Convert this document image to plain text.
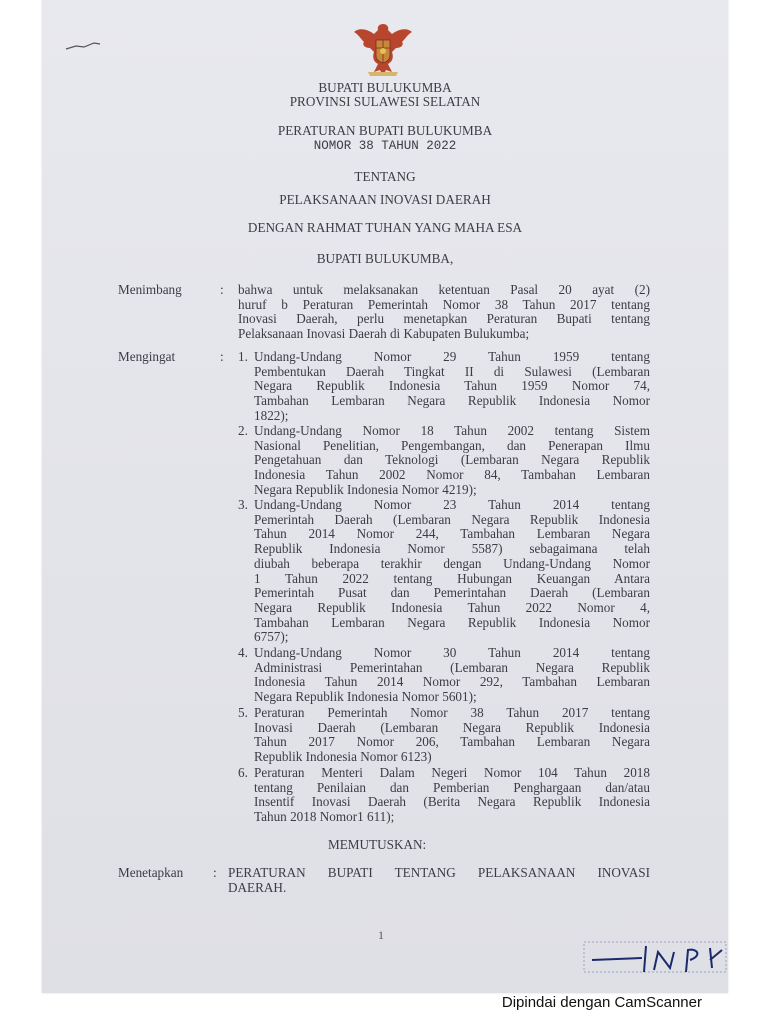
BUPATI BULUKUMBA
PROVINSI SULAWESI SELATAN
PERATURAN BUPATI BULUKUMBA
NOMOR 38 TAHUN 2022
TENTANG
PELAKSANAAN INOVASI DAERAH
DENGAN RAHMAT TUHAN YANG MAHA ESA
BUPATI BULUKUMBA,
Menimbang	: bahwa untuk melaksanakan ketentuan Pasal 20 ayat (2)
huruf b Peraturan Pemerintah Nomor 38 Tahun 2017 tentang
Inovasi Daerah, perlu menetapkan Peraturan Bupati tentang
Pelaksanaan Inovasi Daerah di Kabupaten Bulukumba;
Mengingat	: 1. Undang-Undang Nomor 29 Tahun 1959 tentang
Pembentukan Daerah Tingkat II di Sulawesi (Lembaran
Negara Republik Indonesia Tahun 1959 Nomor 74,
Tambahan Lembaran Negara Republik Indonesia Nomor
1822);
2. Undang-Undang Nomor 18 Tahun 2002 tentang Sistem
Nasional Penelitian, Pengembangan, dan Penerapan Ilmu
Pengetahuan dan Teknologi (Lembaran Negara Republik
Indonesia Tahun 2002 Nomor 84, Tambahan Lembaran
Negara Republik Indonesia Nomor 4219);
3. Undang-Undang Nomor 23 Tahun 2014 tentang
Pemerintah Daerah (Lembaran Negara Republik Indonesia
Tahun 2014 Nomor 244, Tambahan Lembaran Negara
Republik Indonesia Nomor 5587) sebagaimana telah
diubah beberapa terakhir dengan Undang-Undang Nomor
1 Tahun 2022 tentang Hubungan Keuangan Antara
Pemerintah Pusat dan Pemerintahan Daerah (Lembaran
Negara Republik Indonesia Tahun 2022 Nomor 4,
Tambahan Lembaran Negara Republik Indonesia Nomor
6757);
4. Undang-Undang Nomor 30 Tahun 2014 tentang
Administrasi Pemerintahan (Lembaran Negara Republik
Indonesia Tahun 2014 Nomor 292, Tambahan Lembaran
Negara Republik Indonesia Nomor 5601);
5. Peraturan Pemerintah Nomor 38 Tahun 2017 tentang
Inovasi Daerah (Lembaran Negara Republik Indonesia
Tahun 2017 Nomor 206, Tambahan Lembaran Negara
Republik Indonesia Nomor 6123)
6. Peraturan Menteri Dalam Negeri Nomor 104 Tahun 2018
tentang Penilaian dan Pemberian Penghargaan dan/atau
Insentif Inovasi Daerah (Berita Negara Republik Indonesia
Tahun 2018 Nomor1 611);
MEMUTUSKAN:
Menetapkan : PERATURAN BUPATI TENTANG PELAKSANAAN INOVASI
DAERAH.
1
Dipindai dengan CamScanner
